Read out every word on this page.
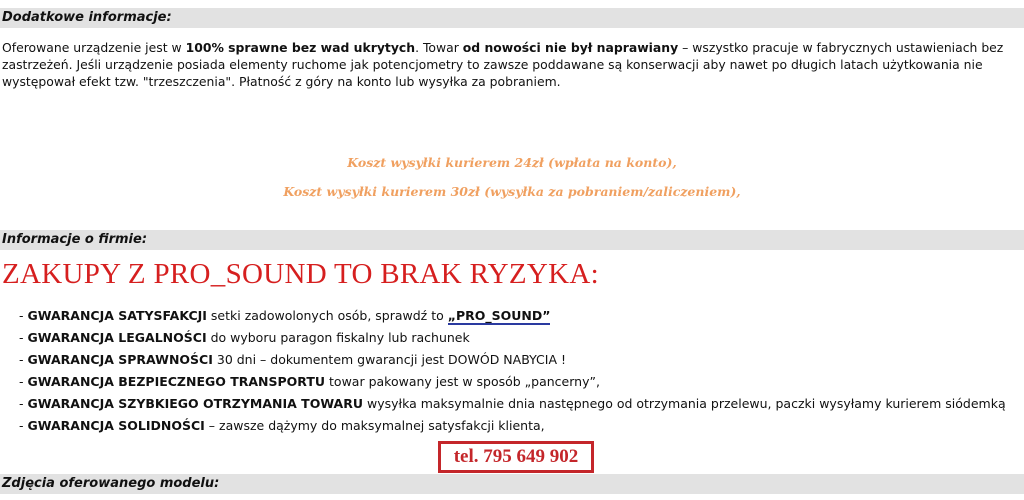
Dodatkowe informacje:
Oferowane urządzenie jest w 100% sprawne bez wad ukrytych. Towar od nowości nie był naprawiany – wszystko pracuje w fabrycznych ustawieniach bez zastrzeżeń. Jeśli urządzenie posiada elementy ruchome jak potencjometry to zawsze poddawane są konserwacji aby nawet po długich latach użytkowania nie występował efekt tzw. "trzeszczenia". Płatność z góry na konto lub wysyłka za pobraniem.
Koszt wysyłki kurierem 24zł (wpłata na konto),
Koszt wysyłki kurierem 30zł (wysyłka za pobraniem/zaliczeniem),
Informacje o firmie:
ZAKUPY Z PRO_SOUND TO BRAK RYZYKA:
- GWARANCJA SATYSFAKCJI setki zadowolonych osób, sprawdź to „PRO_SOUND”
- GWARANCJA LEGALNOŚCI do wyboru paragon fiskalny lub rachunek
- GWARANCJA SPRAWNOŚCI 30 dni – dokumentem gwarancji jest DOWÓD NABYCIA !
- GWARANCJA BEZPIECZNEGO TRANSPORTU towar pakowany jest w sposób „pancerny”,
- GWARANCJA SZYBKIEGO OTRZYMANIA TOWARU wysyłka maksymalnie dnia następnego od otrzymania przelewu, paczki wysyłamy kurierem siódemką
- GWARANCJA SOLIDNOŚCI – zawsze dążymy do maksymalnej satysfakcji klienta,
tel. 795 649 902
Zdjęcia oferowanego modelu:
